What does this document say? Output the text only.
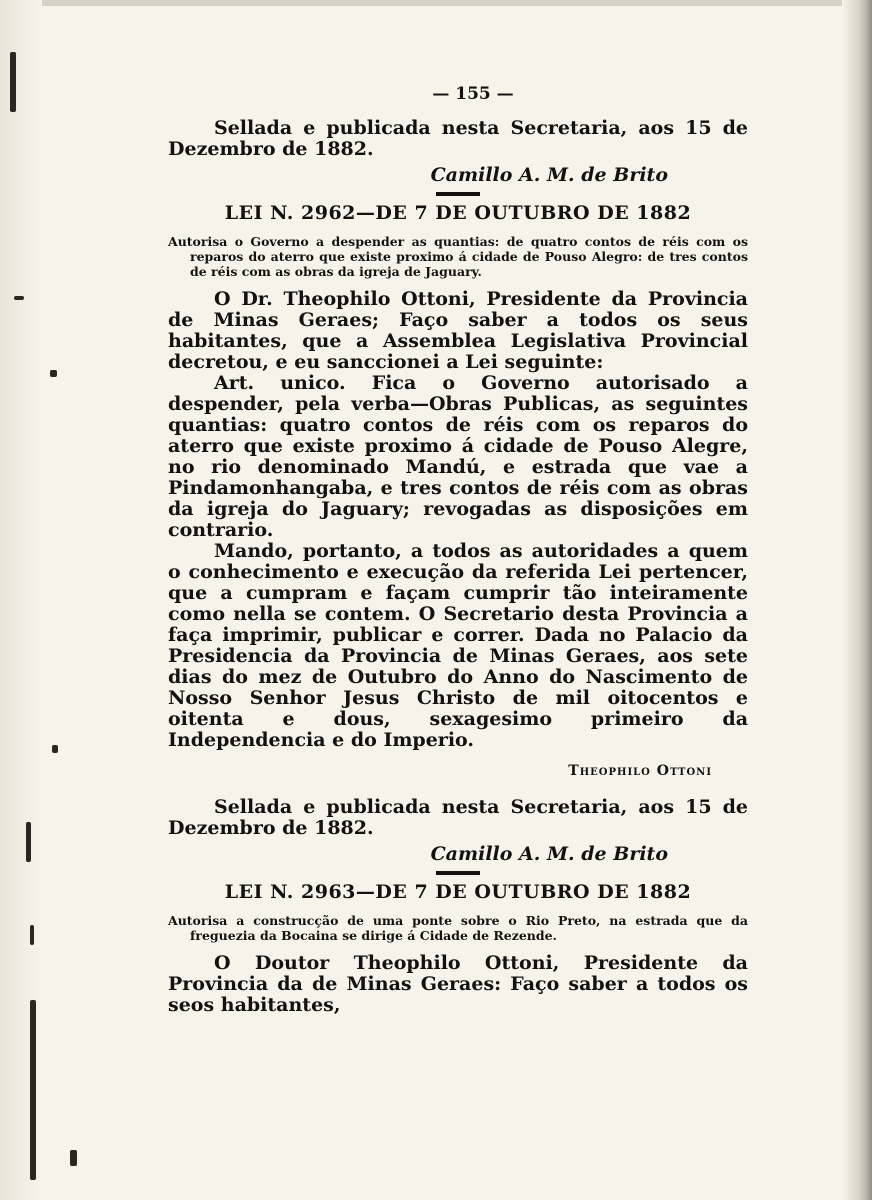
— 155 —

Sellada e publicada nesta Secretaria, aos 15 de Dezembro de 1882.

Camillo A. M. de Brito

LEI N. 2962—DE 7 DE OUTUBRO DE 1882

Autorisa o Governo a despender as quantias: de quatro contos de réis com os reparos do aterro que existe proximo á cidade de Pouso Alegro: de tres contos de réis com as obras da igreja de Jaguary.

O Dr. Theophilo Ottoni, Presidente da Provincia de Minas Geraes; Faço saber a todos os seus habitantes, que a Assemblea Legislativa Provincial decretou, e eu sanccionei a Lei seguinte:

Art. unico. Fica o Governo autorisado a despender, pela verba—Obras Publicas, as seguintes quantias: quatro contos de réis com os reparos do aterro que existe proximo á cidade de Pouso Alegre, no rio denominado Mandú, e estrada que vae a Pindamonhangaba, e tres contos de réis com as obras da igreja do Jaguary; revogadas as disposições em contrario.

Mando, portanto, a todos as autoridades a quem o conhecimento e execução da referida Lei pertencer, que a cumpram e façam cumprir tão inteiramente como nella se contem. O Secretario desta Provincia a faça imprimir, publicar e correr. Dada no Palacio da Presidencia da Provincia de Minas Geraes, aos sete dias do mez de Outubro do Anno do Nascimento de Nosso Senhor Jesus Christo de mil oitocentos e oitenta e dous, sexagesimo primeiro da Independencia e do Imperio.

Theophilo Ottoni

Sellada e publicada nesta Secretaria, aos 15 de Dezembro de 1882.

Camillo A. M. de Brito

LEI N. 2963—DE 7 DE OUTUBRO DE 1882

Autorisa a construcção de uma ponte sobre o Rio Preto, na estrada que da freguezia da Bocaina se dirige á Cidade de Rezende.

O Doutor Theophilo Ottoni, Presidente da Provincia da de Minas Geraes: Faço saber a todos os seos habitantes,
